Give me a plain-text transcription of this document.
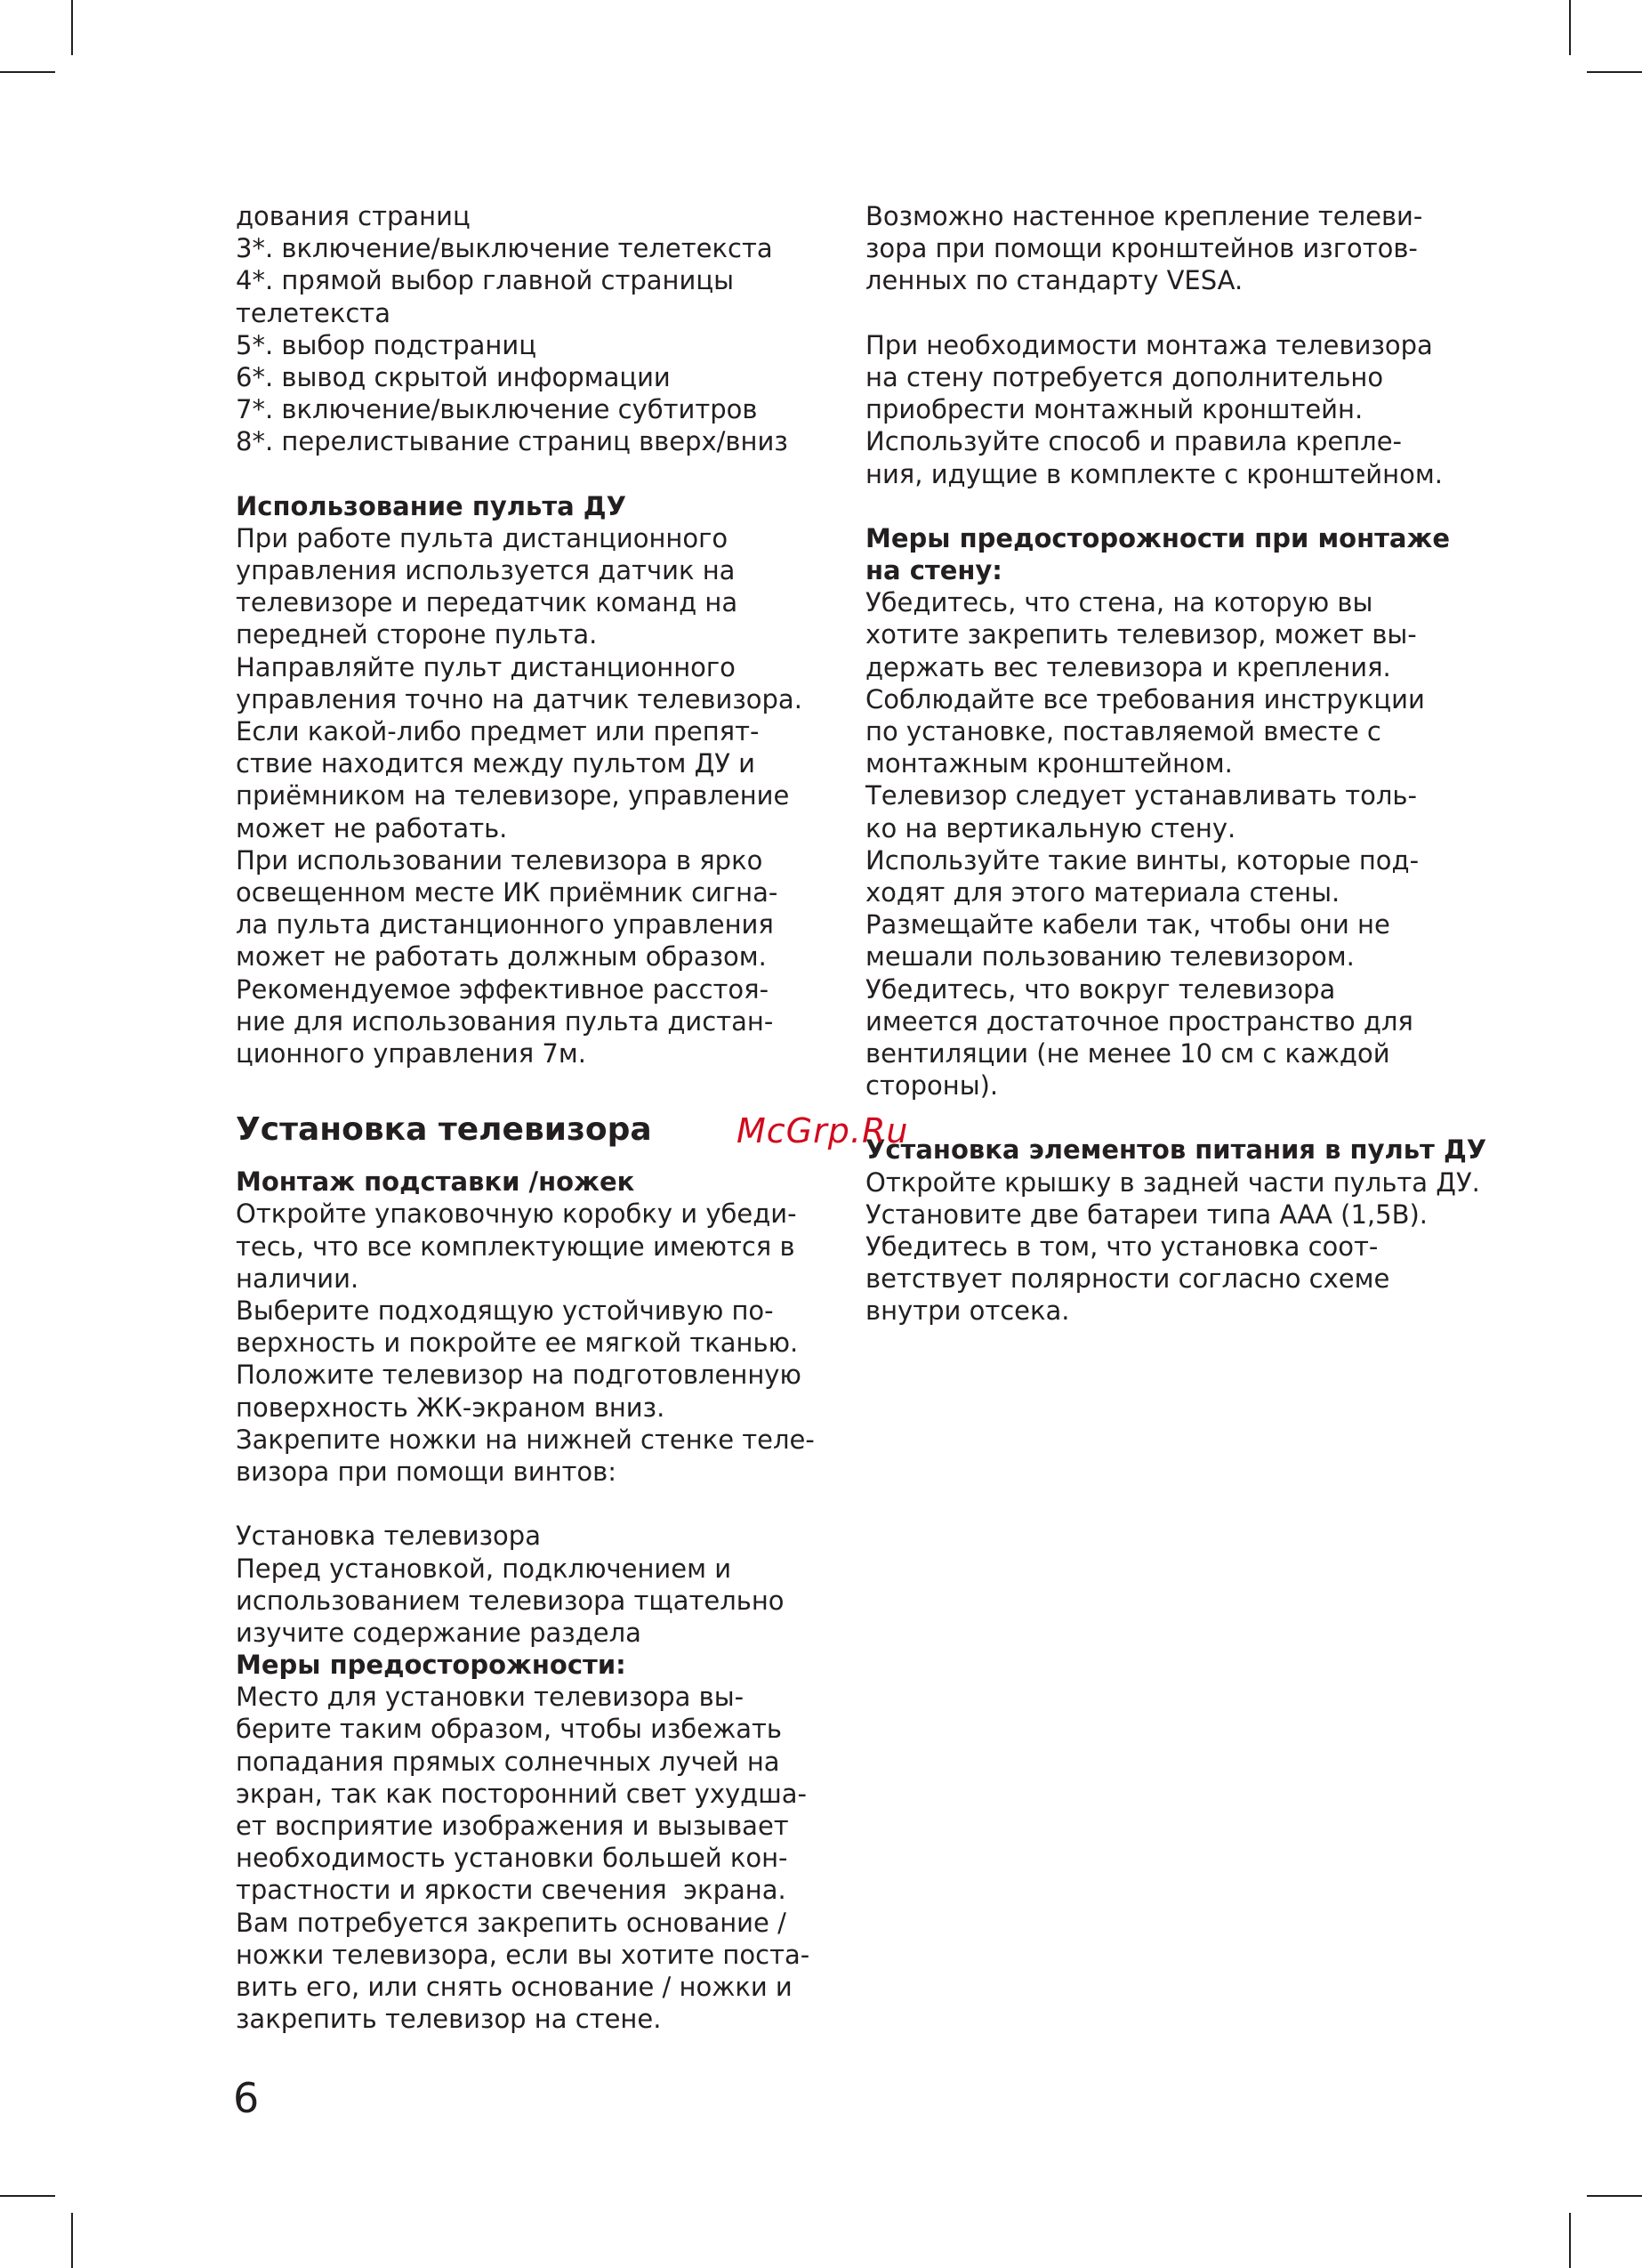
дования страниц
3*. включение/выключение телетекста
4*. прямой выбор главной страницы
телетекста
5*. выбор подстраниц
6*. вывод скрытой информации
7*. включение/выключение субтитров
8*. перелистывание страниц вверх/вниз
Использование пульта ДУ
При работе пульта дистанционного
управления используется датчик на
телевизоре и передатчик команд на
передней стороне пульта.
Направляйте пульт дистанционного
управления точно на датчик телевизора.
Если какой-либо предмет или препят-
ствие находится между пультом ДУ и
приёмником на телевизоре, управление
может не работать.
При использовании телевизора в ярко
освещенном месте ИК приёмник сигна-
ла пульта дистанционного управления
может не работать должным образом.
Рекомендуемое эффективное расстоя-
ние для использования пульта дистан-
ционного управления 7м.
Установка телевизора
Монтаж подставки /ножек
Откройте упаковочную коробку и убеди-
тесь, что все комплектующие имеются в
наличии.
Выберите подходящую устойчивую по-
верхность и покройте ее мягкой тканью.
Положите телевизор на подготовленную
поверхность ЖК-экраном вниз.
Закрепите ножки на нижней стенке теле-
визора при помощи винтов:
Установка телевизора
Перед установкой, подключением и
использованием телевизора тщательно
изучите содержание раздела
Меры предосторожности:
Место для установки телевизора вы-
берите таким образом, чтобы избежать
попадания прямых солнечных лучей на
экран, так как посторонний свет ухудша-
ет восприятие изображения и вызывает
необходимость установки большей кон-
трастности и яркости свечения  экрана.
Вам потребуется закрепить основание /
ножки телевизора, если вы хотите поста-
вить его, или снять основание / ножки и
закрепить телевизор на стене.
Возможно настенное крепление телеви-
зора при помощи кронштейнов изготов-
ленных по стандарту VESA.
При необходимости монтажа телевизора
на стену потребуется дополнительно
приобрести монтажный кронштейн.
Используйте способ и правила крепле-
ния, идущие в комплекте с кронштейном.
Меры предосторожности при монтаже
на стену:
Убедитесь, что стена, на которую вы
хотите закрепить телевизор, может вы-
держать вес телевизора и крепления.
Соблюдайте все требования инструкции
по установке, поставляемой вместе с
монтажным кронштейном.
Телевизор следует устанавливать толь-
ко на вертикальную стену.
Используйте такие винты, которые под-
ходят для этого материала стены.
Размещайте кабели так, чтобы они не
мешали пользованию телевизором.
Убедитесь, что вокруг телевизора
имеется достаточное пространство для
вентиляции (не менее 10 см с каждой
стороны).
Установка элементов питания в пульт ДУ
Откройте крышку в задней части пульта ДУ.
Установите две батареи типа ААА (1,5В).
Убедитесь в том, что установка соот-
ветствует полярности согласно схеме
внутри отсека.
McGrp.Ru
6
